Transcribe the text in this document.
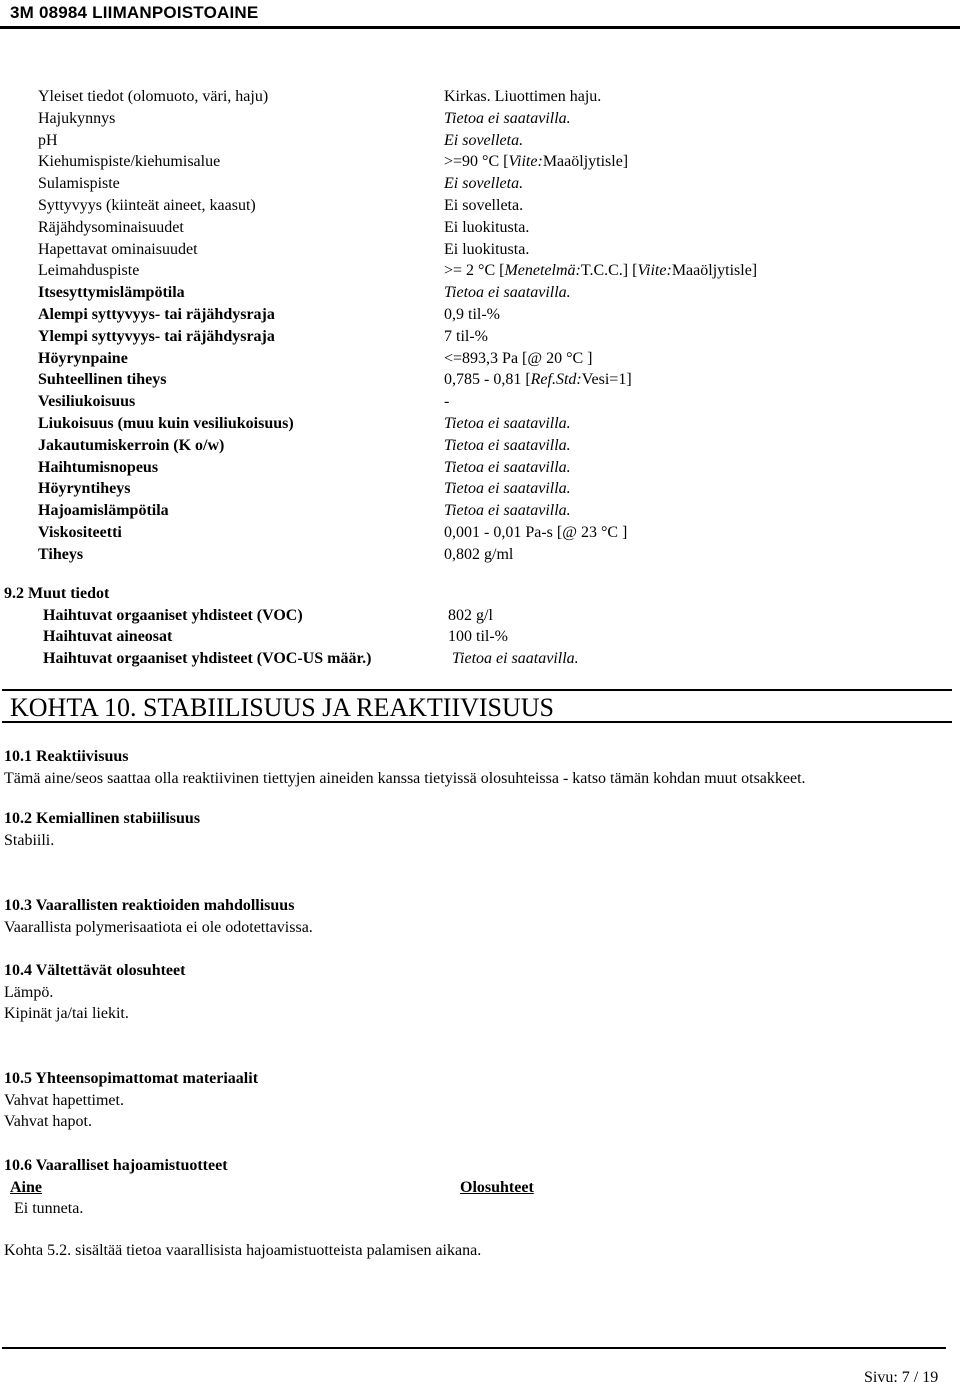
3M 08984 LIIMANPOISTOAINE
Yleiset tiedot (olomuoto, väri, haju)	Kirkas. Liuottimen haju.
Hajukynnys	Tietoa ei saatavilla.
pH	Ei sovelleta.
Kiehumispiste/kiehumisalue	>=90 °C [Viite:Maaöljytisle]
Sulamispiste	Ei sovelleta.
Syttyvyys (kiinteät aineet, kaasut)	Ei sovelleta.
Räjähdysominaisuudet	Ei luokitusta.
Hapettavat ominaisuudet	Ei luokitusta.
Leimahduspiste	>= 2 °C [Menetelmä:T.C.C.] [Viite:Maaöljytisle]
Itsesyttymislämpötila	Tietoa ei saatavilla.
Alempi syttyvyys- tai räjähdysraja	0,9 til-%
Ylempi syttyvyys- tai räjähdysraja	7 til-%
Höyrynpaine	<=893,3 Pa [@ 20 °C ]
Suhteellinen tiheys	0,785 - 0,81 [Ref.Std:Vesi=1]
Vesiliukoisuus	-
Liukoisuus (muu kuin vesiliukoisuus)	Tietoa ei saatavilla.
Jakautumiskerroin (K o/w)	Tietoa ei saatavilla.
Haihtumisnopeus	Tietoa ei saatavilla.
Höyryntiheys	Tietoa ei saatavilla.
Hajoamislämpötila	Tietoa ei saatavilla.
Viskositeetti	0,001 - 0,01 Pa-s [@ 23 °C ]
Tiheys	0,802 g/ml
9.2 Muut tiedot
Haihtuvat orgaaniset yhdisteet (VOC)	802 g/l
Haihtuvat aineosat	100 til-%
Haihtuvat orgaaniset yhdisteet (VOC-US määr.)	Tietoa ei saatavilla.
KOHTA 10. STABIILISUUS JA REAKTIIVISUUS
10.1 Reaktiivisuus
Tämä aine/seos saattaa olla reaktiivinen tiettyjen aineiden kanssa tietyissä olosuhteissa - katso tämän kohdan muut otsakkeet.
10.2 Kemiallinen stabiilisuus
Stabiili.
10.3 Vaarallisten reaktioiden mahdollisuus
Vaarallista polymerisaatiota ei ole odotettavissa.
10.4 Vältettävät olosuhteet
Lämpö.
Kipinät ja/tai liekit.
10.5 Yhteensopimattomat materiaalit
Vahvat hapettimet.
Vahvat hapot.
10.6 Vaaralliset hajoamistuotteet
Aine	Olosuhteet
Ei tunneta.
Kohta 5.2. sisältää tietoa vaarallisista hajoamistuotteista palamisen aikana.
Sivu: 7 / 19
